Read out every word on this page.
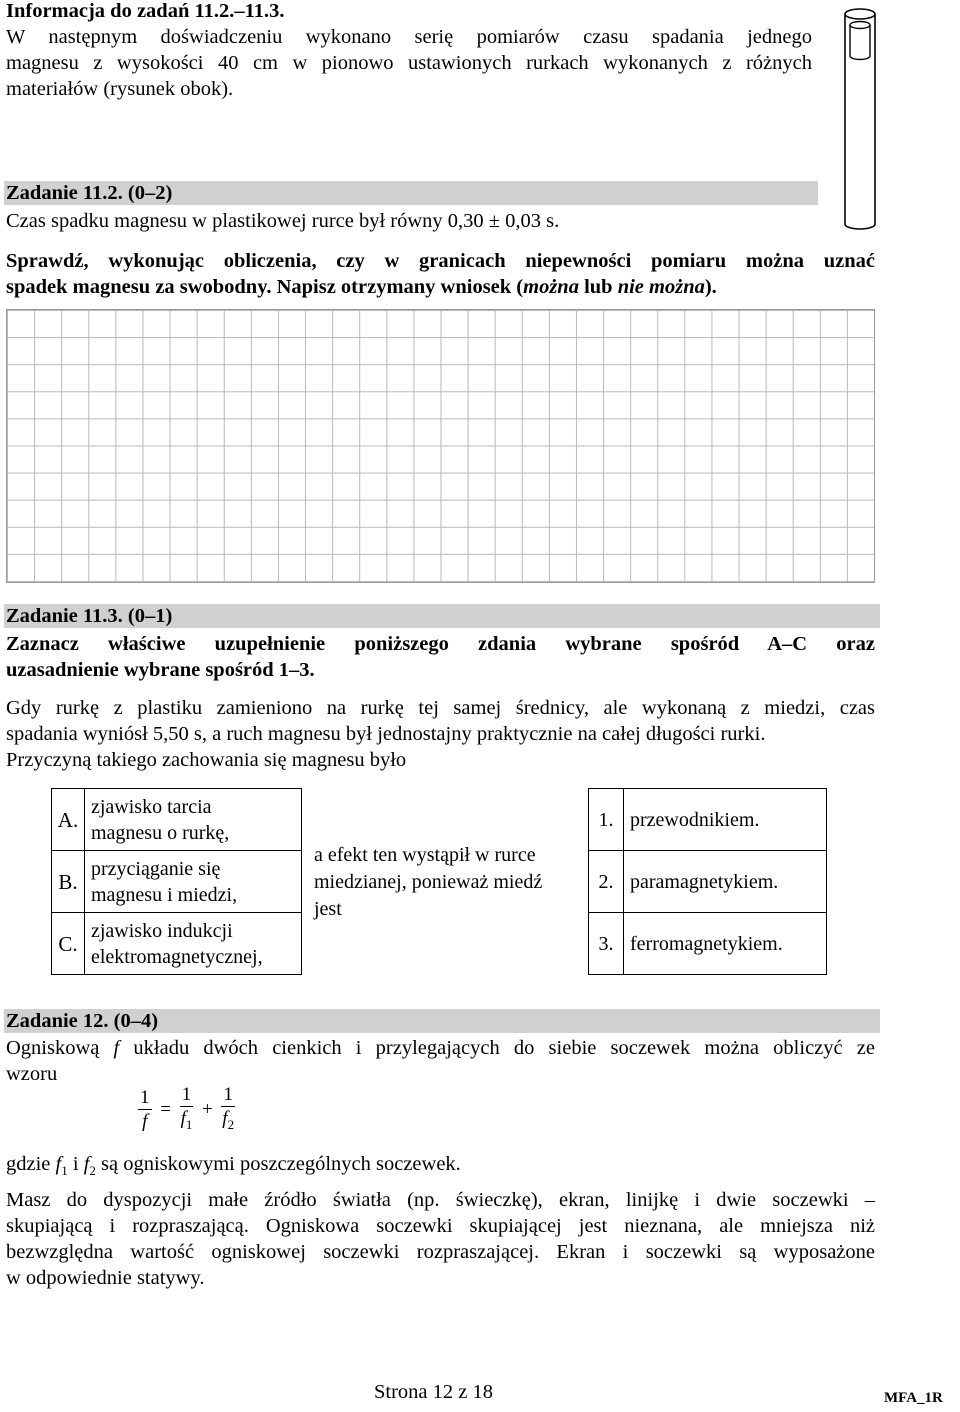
Informacja do zadań 11.2.–11.3.
W następnym doświadczeniu wykonano serię pomiarów czasu spadania jednego
magnesu z wysokości 40 cm w pionowo ustawionych rurkach wykonanych z różnych
materiałów (rysunek obok).
Zadanie 11.2. (0–2)
Czas spadku magnesu w plastikowej rurce był równy 0,30 ± 0,03 s.
Sprawdź, wykonując obliczenia, czy w granicach niepewności pomiaru można uznać
spadek magnesu za swobodny. Napisz otrzymany wniosek (można lub nie można).
Zadanie 11.3. (0–1)
Zaznacz właściwe uzupełnienie poniższego zdania wybrane spośród A–C oraz
uzasadnienie wybrane spośród 1–3.
Gdy rurkę z plastiku zamieniono na rurkę tej samej średnicy, ale wykonaną z miedzi, czas
spadania wyniósł 5,50 s, a ruch magnesu był jednostajny praktycznie na całej długości rurki.
Przyczyną takiego zachowania się magnesu było
A.	zjawisko tarcia
magnesu o rurkę,

B.	przyciąganie się
magnesu i miedzi,

C.	zjawisko indukcji
elektromagnetycznej,
a efekt ten wystąpił w rurce
miedzianej, ponieważ miedź
jest
1.	przewodnikiem.
2.	paramagnetykiem.
3.	ferromagnetykiem.
Zadanie 12. (0–4)
Ogniskową f układu dwóch cienkich i przylegających do siebie soczewek można obliczyć ze
wzoru
$\frac{1}{f} = \frac{1}{f_1} + \frac{1}{f_2}$
gdzie $f_1$ i $f_2$ są ogniskowymi poszczególnych soczewek.
Masz do dyspozycji małe źródło światła (np. świeczkę), ekran, linijkę i dwie soczewki –
skupiającą i rozpraszającą. Ogniskowa soczewki skupiającej jest nieznana, ale mniejsza niż
bezwzględna wartość ogniskowej soczewki rozpraszającej. Ekran i soczewki są wyposażone
w odpowiednie statywy.
Strona 12 z 18	MFA_1R
